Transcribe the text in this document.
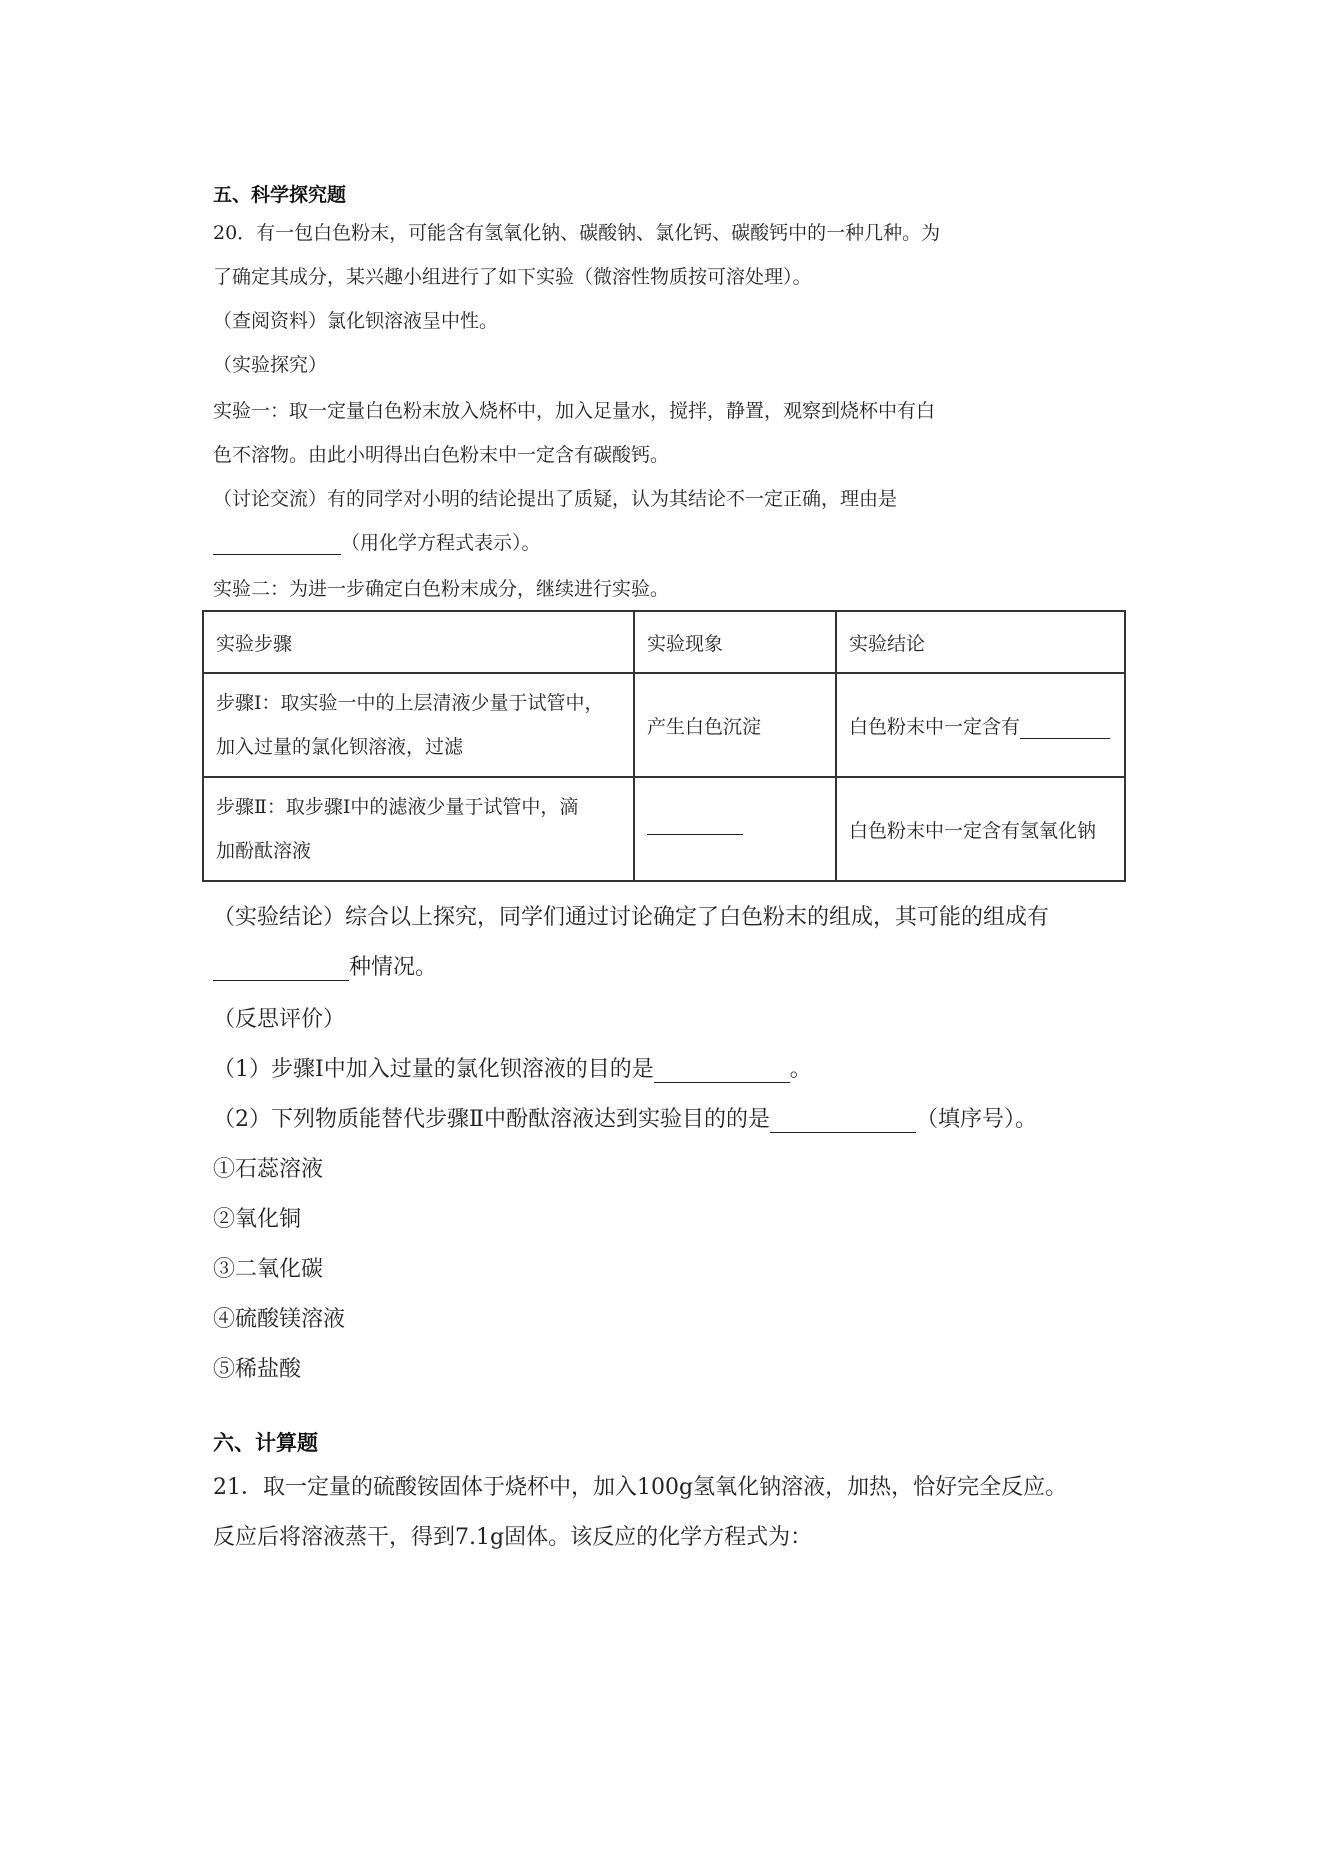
五、科学探究题
20．有一包白色粉末，可能含有氢氧化钠、碳酸钠、氯化钙、碳酸钙中的一种几种。为
了确定其成分，某兴趣小组进行了如下实验（微溶性物质按可溶处理）。
（查阅资料）氯化钡溶液呈中性。
（实验探究）
实验一：取一定量白色粉末放入烧杯中，加入足量水，搅拌，静置，观察到烧杯中有白
色不溶物。由此小明得出白色粉末中一定含有碳酸钙。
（讨论交流）有的同学对小明的结论提出了质疑，认为其结论不一定正确，理由是
（用化学方程式表示）。
实验二：为进一步确定白色粉末成分，继续进行实验。
实验步骤	实验现象	实验结论

步骤Ⅰ：取实验一中的上层清液少量于试管中，
加入过量的氯化钡溶液，过滤	产生白色沉淀	白色粉末中一定含有

步骤Ⅱ：取步骤Ⅰ中的滤液少量于试管中，滴
加酚酞溶液		白色粉末中一定含有氢氧化钠
（实验结论）综合以上探究，同学们通过讨论确定了白色粉末的组成，其可能的组成有
种情况。
（反思评价）
（1）步骤Ⅰ中加入过量的氯化钡溶液的目的是	。
（2）下列物质能替代步骤Ⅱ中酚酞溶液达到实验目的的是	（填序号）。
①石蕊溶液
②氧化铜
③二氧化碳
④硫酸镁溶液
⑤稀盐酸
六、计算题
21．取一定量的硫酸铵固体于烧杯中，加入100g氢氧化钠溶液，加热，恰好完全反应。
反应后将溶液蒸干，得到7.1g固体。该反应的化学方程式为：
